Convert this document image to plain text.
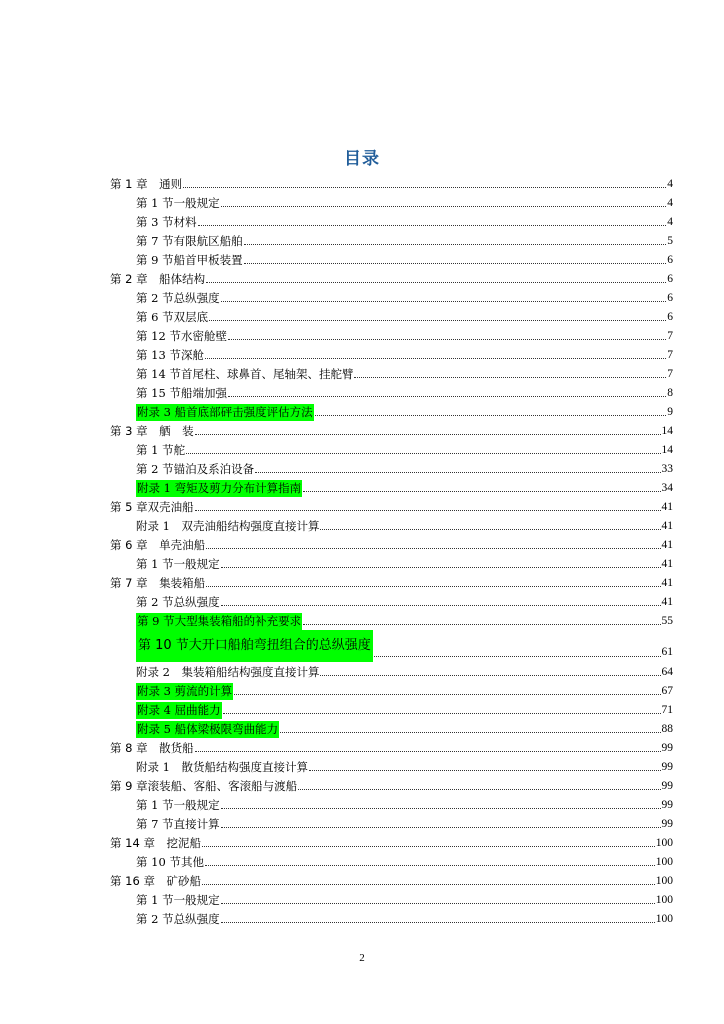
目录
第 1 章　通则	4
第 1 节一般规定	4
第 3 节材料	4
第 7 节有限航区船舶	5
第 9 节船首甲板装置	6
第 2 章　船体结构	6
第 2 节总纵强度	6
第 6 节双层底	6
第 12 节水密舱壁	7
第 13 节深舱	7
第 14 节首尾柱、球鼻首、尾轴架、挂舵臂	7
第 15 节船端加强	8
附录 3 船首底部砰击强度评估方法	9
第 3 章　舾　装	14
第 1 节舵	14
第 2 节锚泊及系泊设备	33
附录 1 弯矩及剪力分布计算指南	34
第 5 章双壳油船	41
附录 1　双壳油船结构强度直接计算	41
第 6 章　单壳油船	41
第 1 节一般规定	41
第 7 章　集装箱船	41
第 2 节总纵强度	41
第 9 节大型集装箱船的补充要求	55
第 10 节大开口船舶弯扭组合的总纵强度	61
附录 2　集装箱船结构强度直接计算	64
附录 3 剪流的计算	67
附录 4 屈曲能力	71
附录 5 船体梁极限弯曲能力	88
第 8 章　散货船	99
附录 1　散货船结构强度直接计算	99
第 9 章滚装船、客船、客滚船与渡船	99
第 1 节一般规定	99
第 7 节直接计算	99
第 14 章　挖泥船	100
第 10 节其他	100
第 16 章　矿砂船	100
第 1 节一般规定	100
第 2 节总纵强度	100
2
